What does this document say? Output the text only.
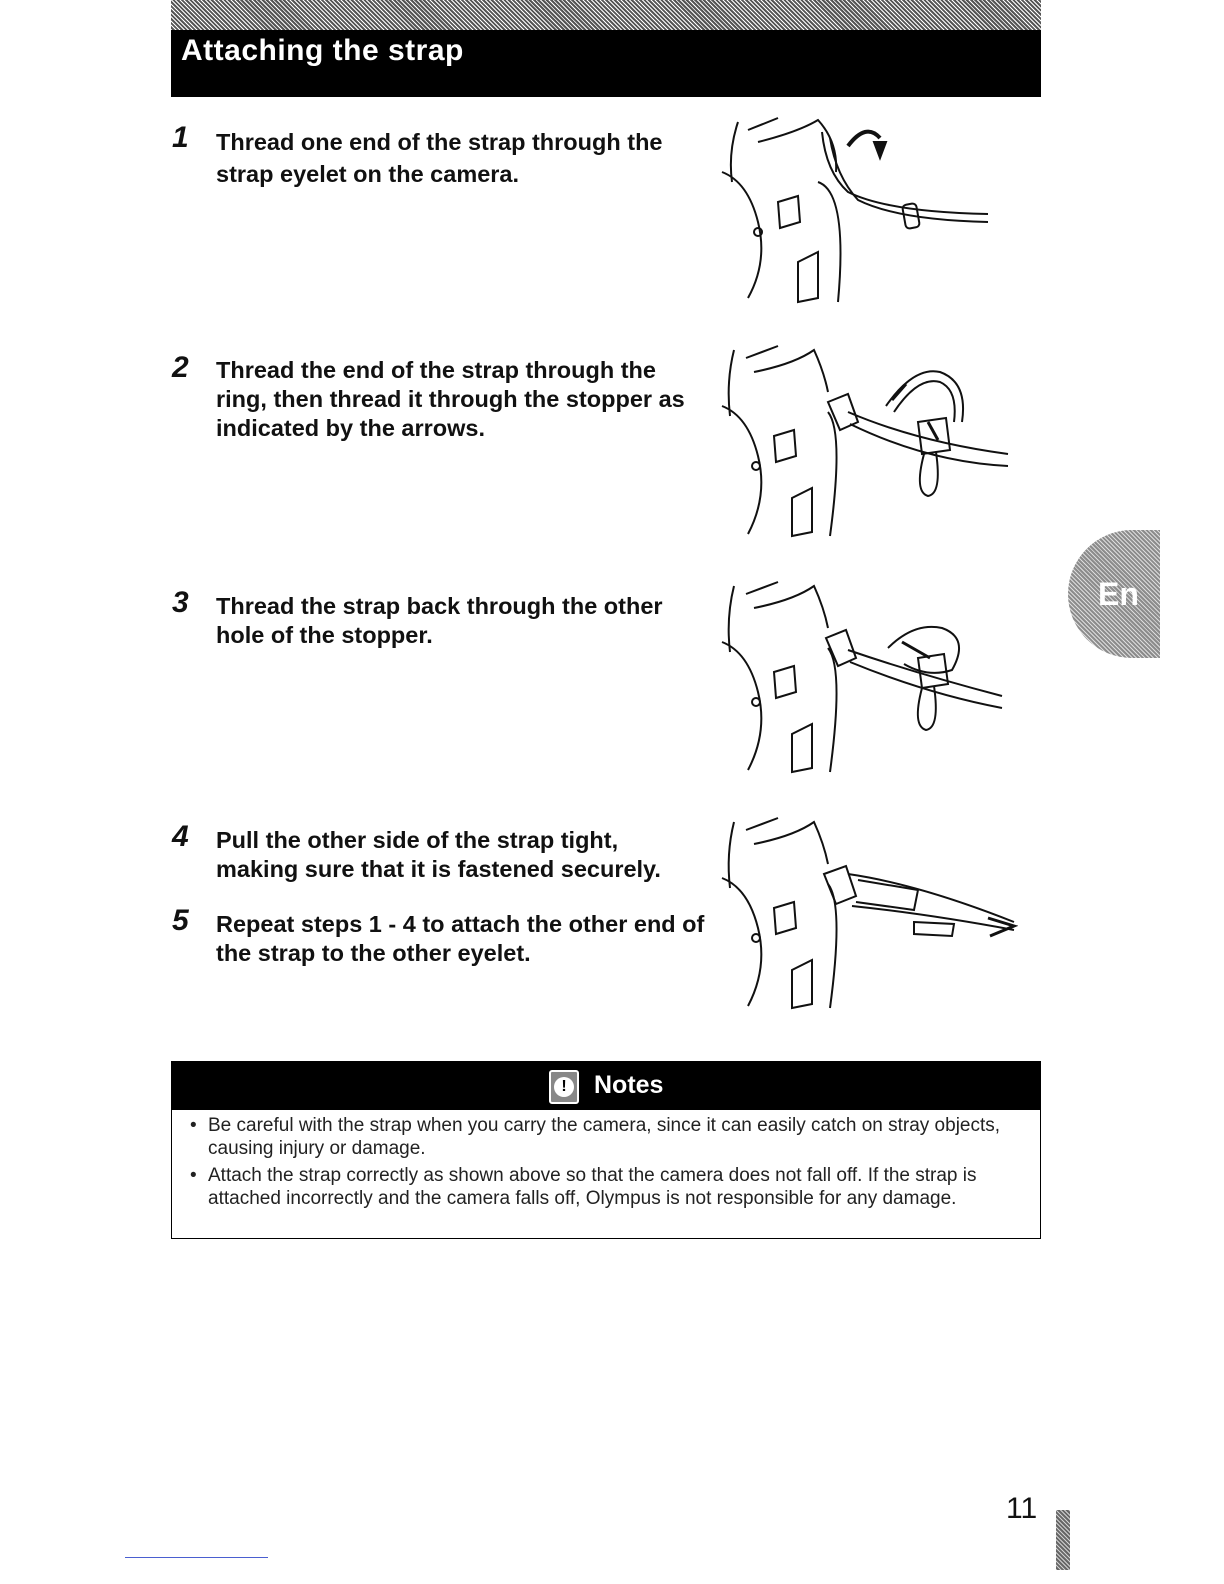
Attaching the strap
1 Thread one end of the strap through the strap eyelet on the camera.

2 Thread the end of the strap through the ring, then thread it through the stopper as indicated by the arrows.

3 Thread the strap back through the other hole of the stopper.

4 Pull the other side of the strap tight, making sure that it is fastened securely.

5 Repeat steps 1 - 4 to attach the other end of the strap to the other eyelet.

En
! Notes
• Be careful with the strap when you carry the camera, since it can easily catch on stray objects, causing injury or damage.
• Attach the strap correctly as shown above so that the camera does not fall off. If the strap is attached incorrectly and the camera falls off, Olympus is not responsible for any damage.
11
